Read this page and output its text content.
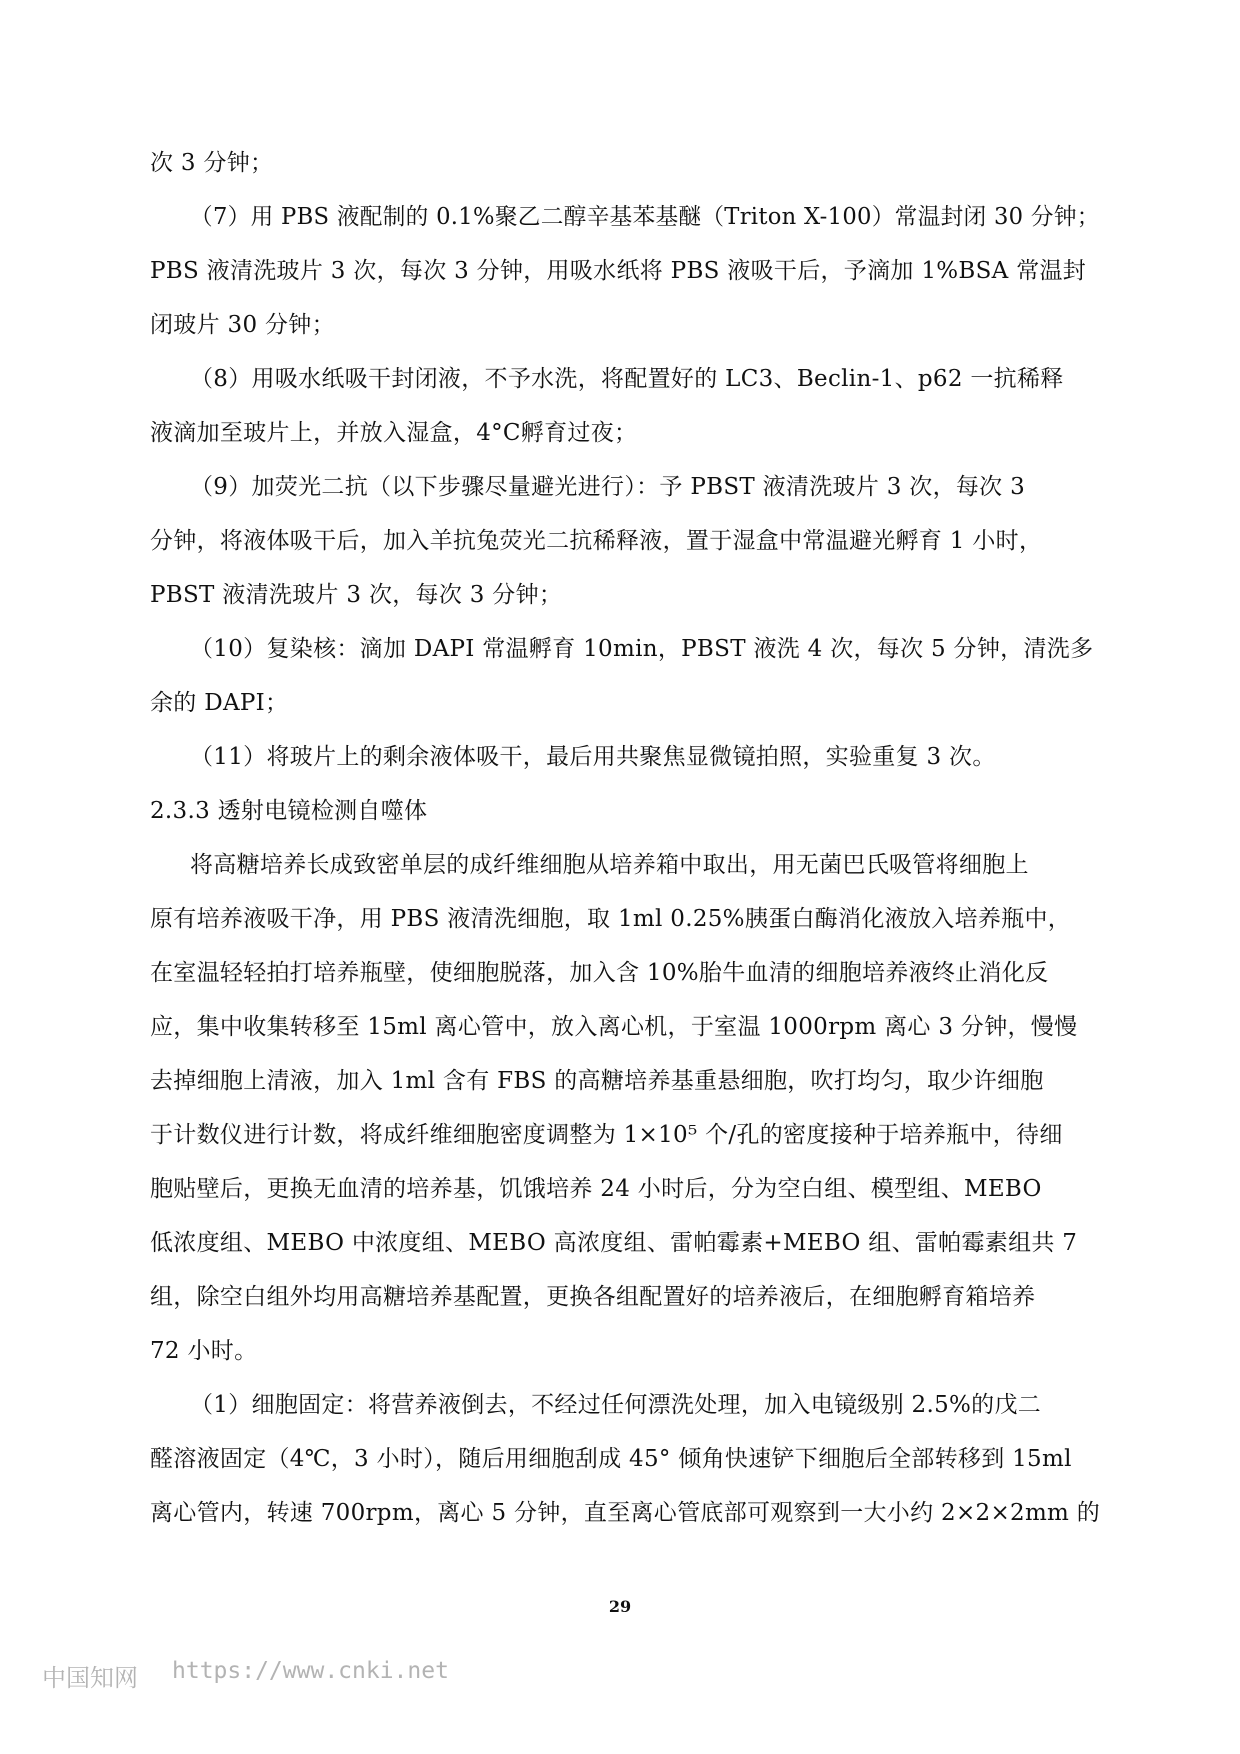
次 3 分钟；
（7）用 PBS 液配制的 0.1%聚乙二醇辛基苯基醚（Triton X-100）常温封闭 30 分钟；
PBS 液清洗玻片 3 次，每次 3 分钟，用吸水纸将 PBS 液吸干后，予滴加 1%BSA 常温封
闭玻片 30 分钟；
（8）用吸水纸吸干封闭液，不予水洗，将配置好的 LC3、Beclin-1、p62 一抗稀释
液滴加至玻片上，并放入湿盒，4°C孵育过夜；
（9）加荧光二抗（以下步骤尽量避光进行）：予 PBST 液清洗玻片 3 次，每次 3
分钟，将液体吸干后，加入羊抗兔荧光二抗稀释液，置于湿盒中常温避光孵育 1 小时，
PBST 液清洗玻片 3 次，每次 3 分钟；
（10）复染核：滴加 DAPI 常温孵育 10min，PBST 液洗 4 次，每次 5 分钟，清洗多
余的 DAPI；
（11）将玻片上的剩余液体吸干，最后用共聚焦显微镜拍照，实验重复 3 次。
2.3.3 透射电镜检测自噬体
将高糖培养长成致密单层的成纤维细胞从培养箱中取出，用无菌巴氏吸管将细胞上
原有培养液吸干净，用 PBS 液清洗细胞，取 1ml 0.25%胰蛋白酶消化液放入培养瓶中，
在室温轻轻拍打培养瓶壁，使细胞脱落，加入含 10%胎牛血清的细胞培养液终止消化反
应，集中收集转移至 15ml 离心管中，放入离心机，于室温 1000rpm 离心 3 分钟，慢慢
去掉细胞上清液，加入 1ml 含有 FBS 的高糖培养基重悬细胞，吹打均匀，取少许细胞
于计数仪进行计数，将成纤维细胞密度调整为 1×10⁵ 个/孔的密度接种于培养瓶中，待细
胞贴壁后，更换无血清的培养基，饥饿培养 24 小时后，分为空白组、模型组、MEBO
低浓度组、MEBO 中浓度组、MEBO 高浓度组、雷帕霉素+MEBO 组、雷帕霉素组共 7
组，除空白组外均用高糖培养基配置，更换各组配置好的培养液后，在细胞孵育箱培养
72 小时。
（1）细胞固定：将营养液倒去，不经过任何漂洗处理，加入电镜级别 2.5%的戊二
醛溶液固定（4℃，3 小时），随后用细胞刮成 45° 倾角快速铲下细胞后全部转移到 15ml
离心管内，转速 700rpm，离心 5 分钟，直至离心管底部可观察到一大小约 2×2×2mm 的
29
中国知网 https://www.cnki.net
